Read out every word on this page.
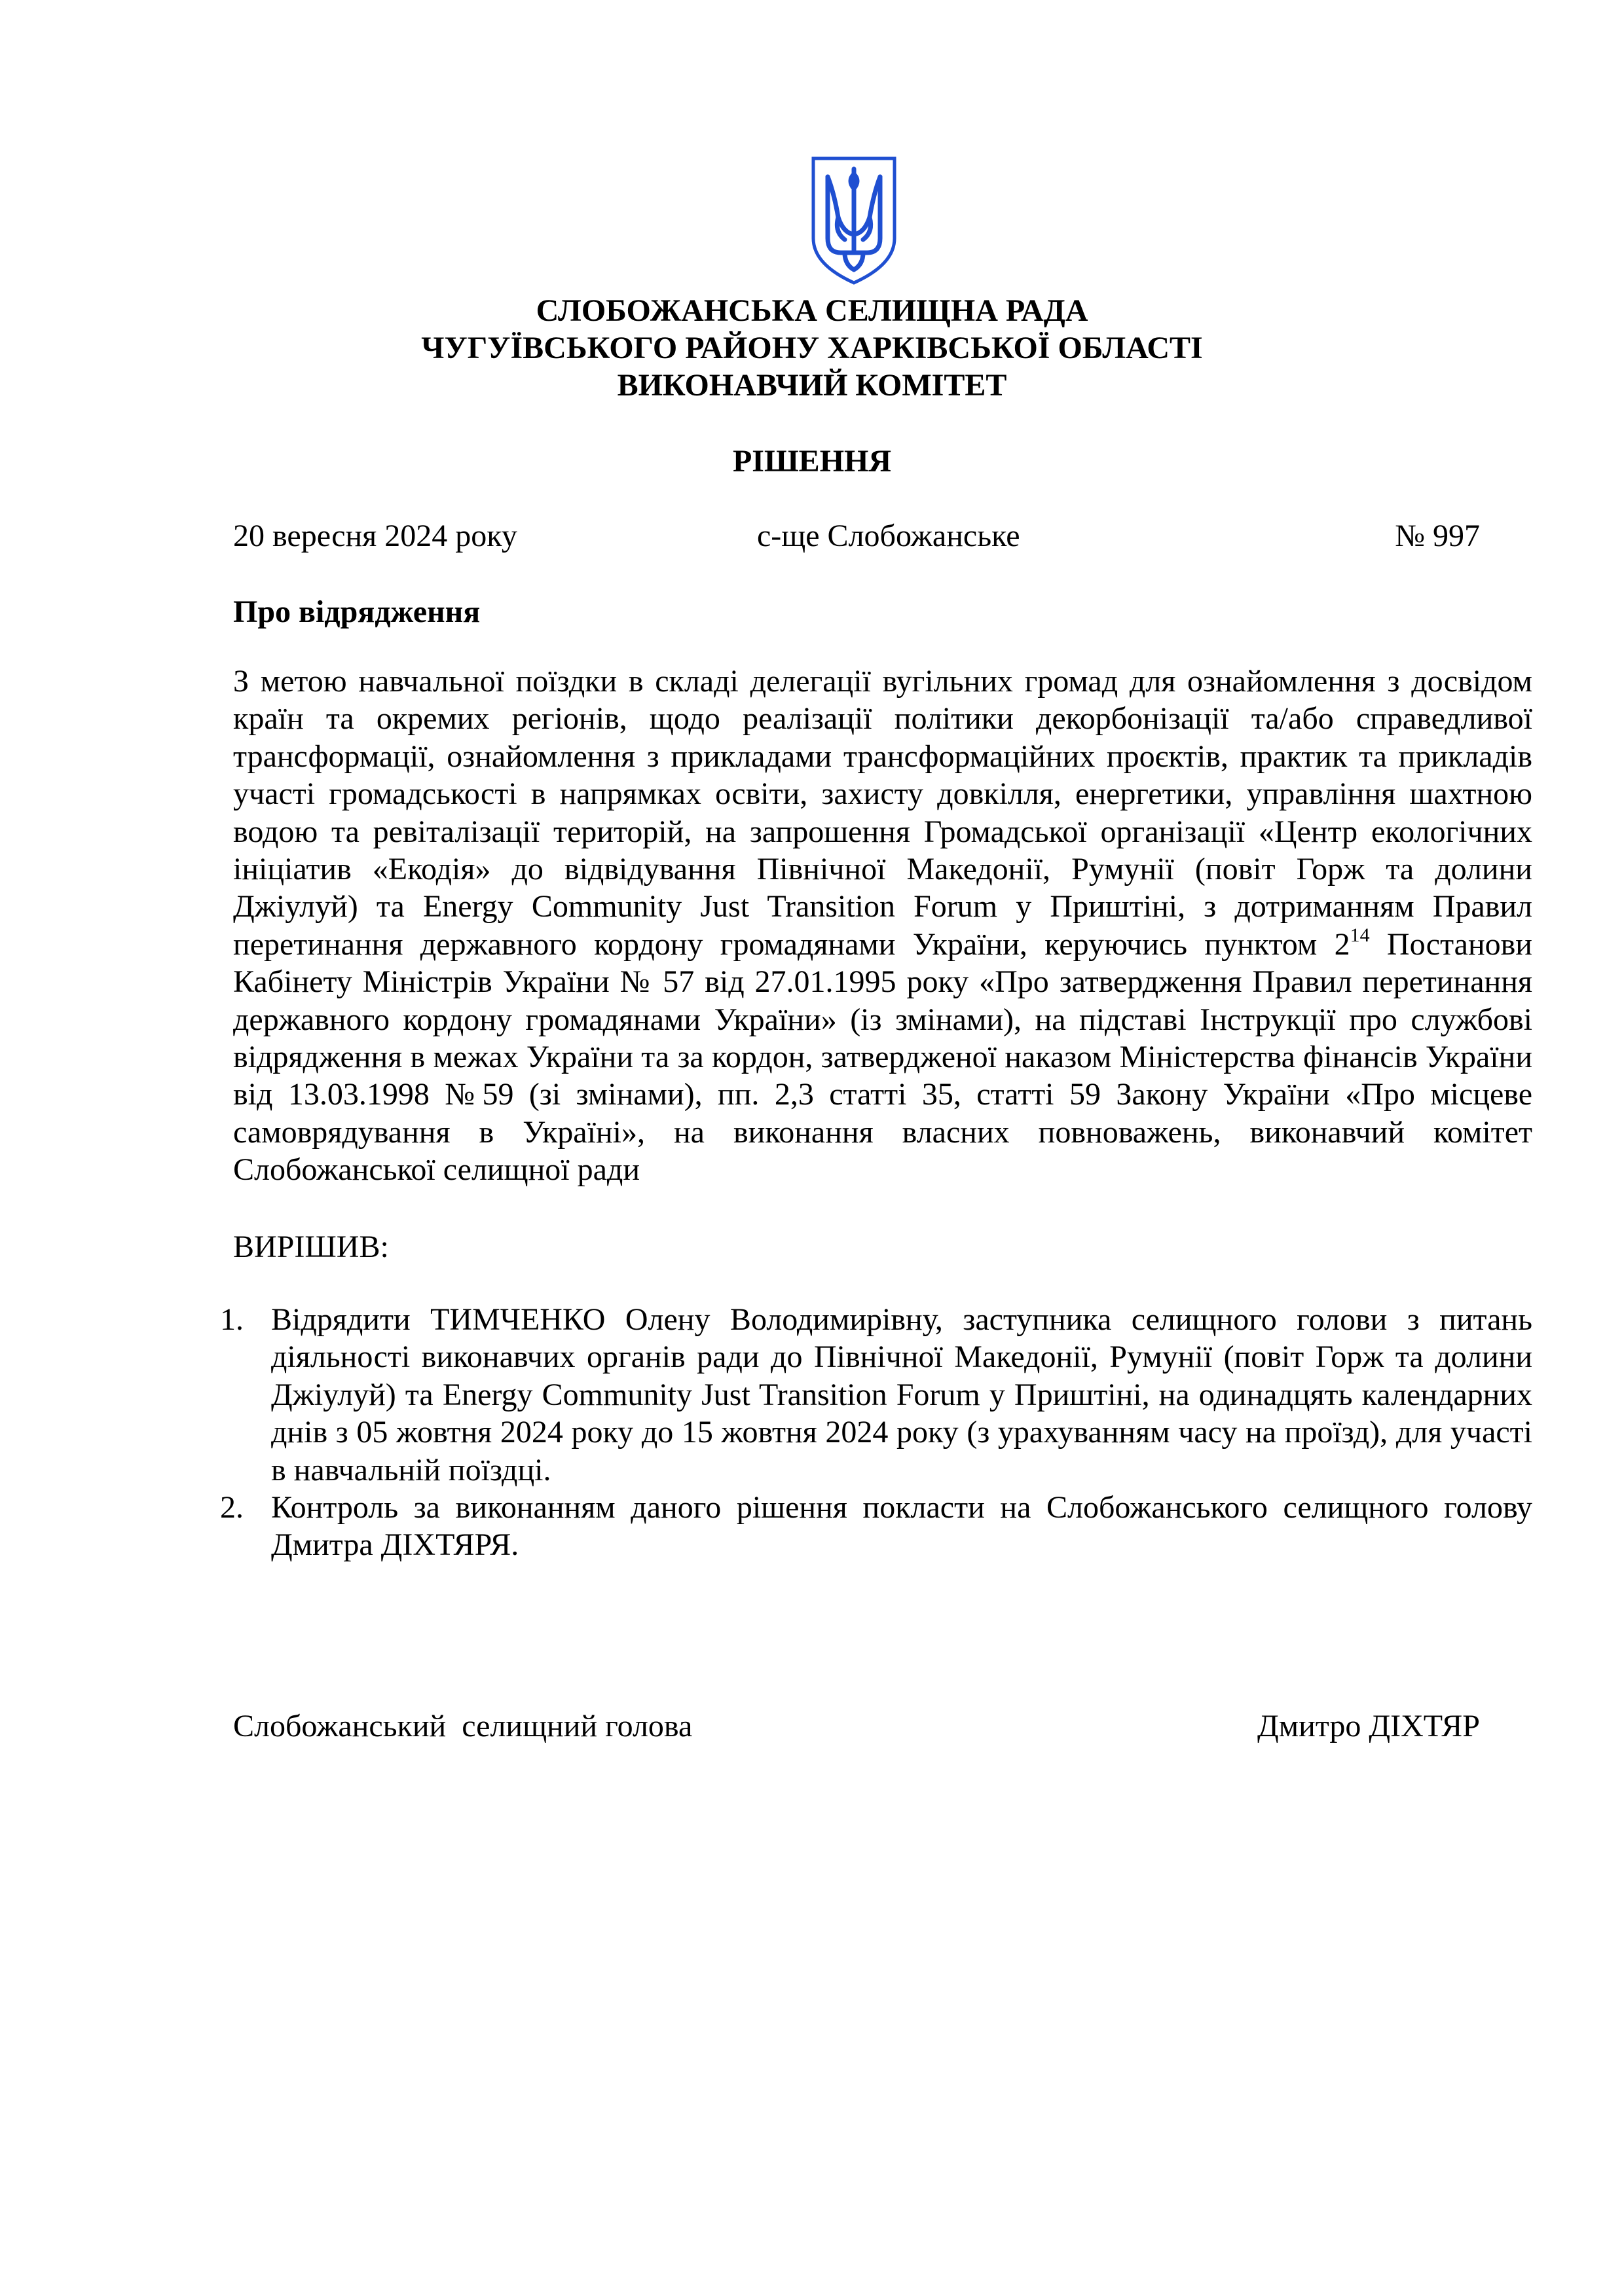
СЛОБОЖАНСЬКА СЕЛИЩНА РАДА
ЧУГУЇВСЬКОГО РАЙОНУ ХАРКІВСЬКОЇ ОБЛАСТІ
ВИКОНАВЧИЙ КОМІТЕТ
РІШЕННЯ
20 вересня 2024 року	с-ще Слобожанське	№ 997
Про відрядження

З метою навчальної поїздки в складі делегації вугільних громад для ознайомлення з досвідом країн та окремих регіонів, щодо реалізації політики декорбонізації та/або справедливої трансформації, ознайомлення з прикладами трансформаційних проєктів, практик та прикладів участі громадськості в напрямках освіти, захисту довкілля, енергетики, управління шахтною водою та ревіталізації територій, на запрошення Громадської організації «Центр екологічних ініціатив «Екодія» до відвідування Північної Македонії, Румунії (повіт Горж та долини Джіулуй) та Energy Community Just Transition Forum у Приштіні, з дотриманням Правил перетинання державного кордону громадянами України, керуючись пунктом $2^{14}$ Постанови Кабінету Міністрів України № 57 від 27.01.1995 року «Про затвердження Правил перетинання державного кордону громадянами України» (із змінами), на підставі Інструкції про службові відрядження в межах України та за кордон, затвердженої наказом Міністерства фінансів України від 13.03.1998 №59 (зі змінами), пп. 2,3 статті 35, статті 59 Закону України «Про місцеве самоврядування в Україні», на виконання власних повноважень, виконавчий комітет Слобожанської селищної ради

ВИРІШИВ:
1. Відрядити ТИМЧЕНКО Олену Володимирівну, заступника селищного голови з питань діяльності виконавчих органів ради до Північної Македонії, Румунії (повіт Горж та долини Джіулуй) та Energy Community Just Transition Forum у Приштіні, на одинадцять календарних днів з 05 жовтня 2024 року до 15 жовтня 2024 року (з урахуванням часу на проїзд), для участі в навчальній поїздці.
2. Контроль за виконанням даного рішення покласти на Слобожанського селищного голову Дмитра ДІХТЯРЯ.
Слобожанський  селищний голова	Дмитро ДІХТЯР
